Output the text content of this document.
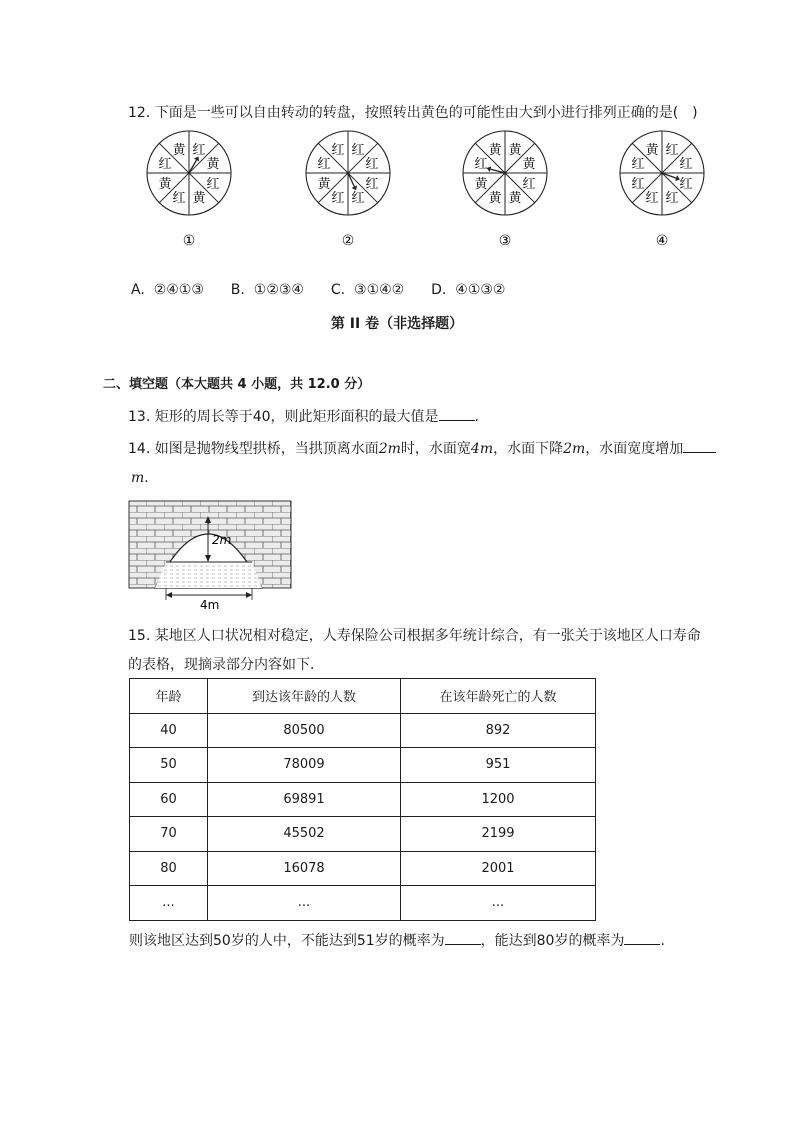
12. 下面是一些可以自由转动的转盘，按照转出黄色的可能性由大到小进行排列正确的是(　)
红
黄
红
黄
红
黄
红
黄
①
红
红
红
红
红
黄
红
红
②
黄
黄
红
黄
黄
黄
红
黄
③
红
红
红
红
红
红
红
黄
④
A. ②④①③ B. ①②③④ C. ③①④② D. ④①③②
第 II 卷（非选择题）
二、填空题（本大题共 4 小题，共 12.0 分）
13. 矩形的周长等于40，则此矩形面积的最大值是	.
14. 如图是抛物线型拱桥，当拱顶离水面2m时，水面宽4m，水面下降2m，水面宽度增加
m.
2m
4m
15. 某地区人口状况相对稳定，人寿保险公司根据多年统计综合，有一张关于该地区人口寿命
的表格，现摘录部分内容如下．
年龄	到达该年龄的人数	在该年龄死亡的人数
40	80500	892
50	78009	951
60	69891	1200
70	45502	2199
80	16078	2001
...	...	...
则该地区达到50岁的人中，不能达到51岁的概率为	，能达到80岁的概率为	.
